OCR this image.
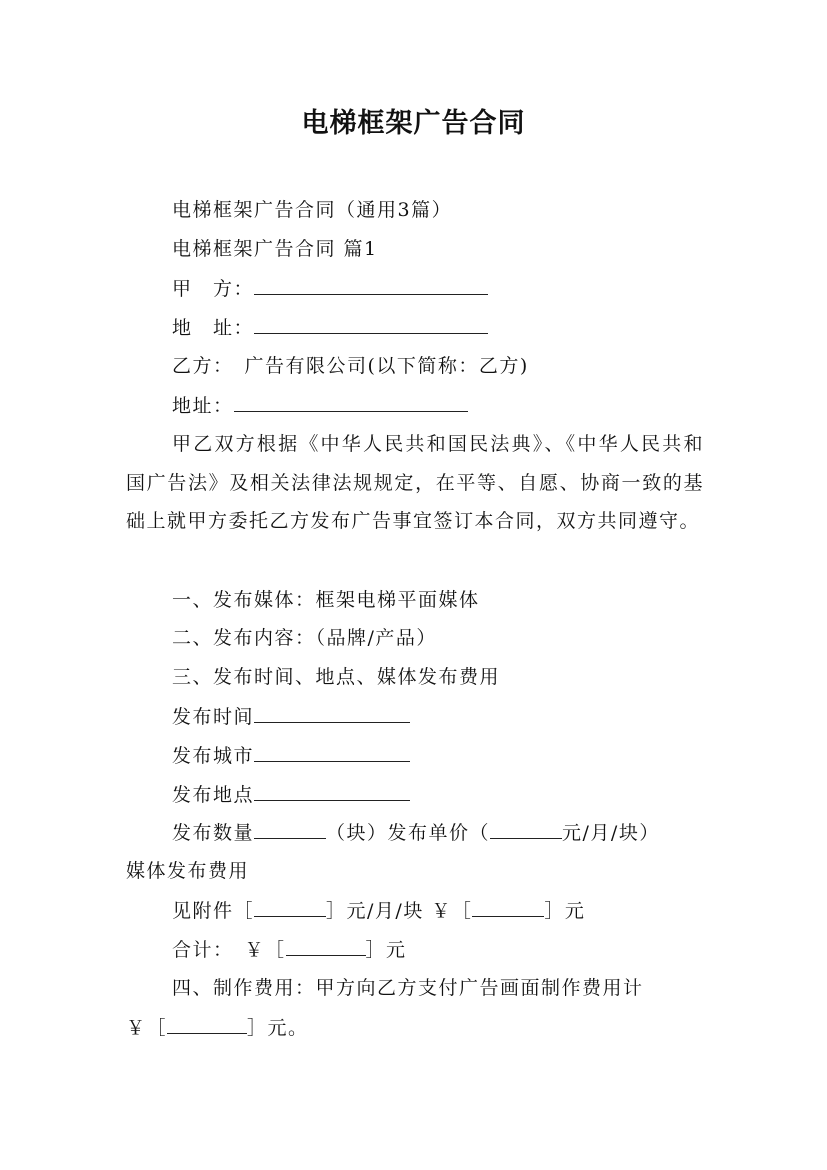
电梯框架广告合同
电梯框架广告合同（通用3篇）
电梯框架广告合同 篇1
甲　方：
地　址：
乙方：　广告有限公司(以下简称：乙方)
地址：
甲乙双方根据《中华人民共和国民法典》、《中华人民共和国广告法》及相关法律法规规定，在平等、自愿、协商一致的基础上就甲方委托乙方发布广告事宜签订本合同，双方共同遵守。
一、发布媒体：框架电梯平面媒体
二、发布内容：（品牌/产品）
三、发布时间、地点、媒体发布费用
发布时间
发布城市
发布地点
发布数量	（块）发布单价（	元/月/块）
媒体发布费用
见附件［	］元/月/块 ￥［	］元
合计：　￥［	］元
四、制作费用：甲方向乙方支付广告画面制作费用计
￥［	］元。
